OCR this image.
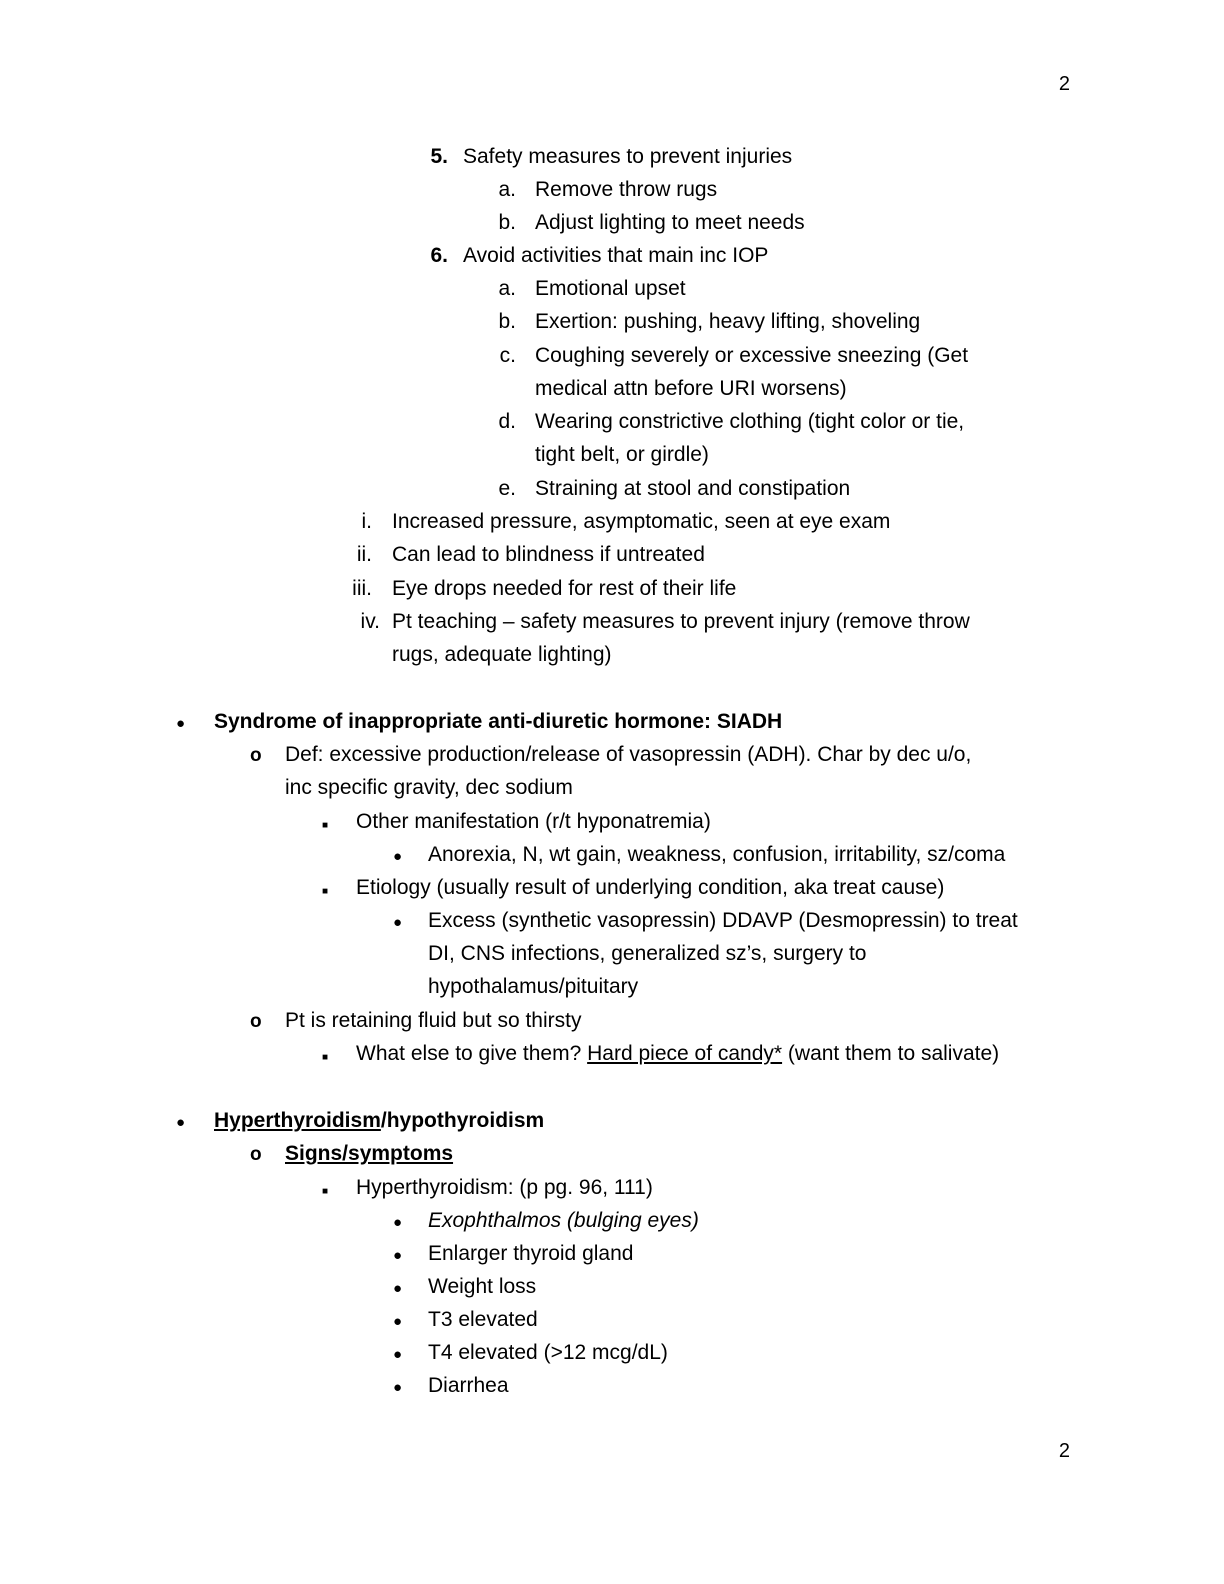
2
5. Safety measures to prevent injuries
a. Remove throw rugs
b. Adjust lighting to meet needs
6. Avoid activities that main inc IOP
a. Emotional upset
b. Exertion: pushing, heavy lifting, shoveling
c. Coughing severely or excessive sneezing (Get
medical attn before URI worsens)
d. Wearing constrictive clothing (tight color or tie,
tight belt, or girdle)
e. Straining at stool and constipation
i. Increased pressure, asymptomatic, seen at eye exam
ii. Can lead to blindness if untreated
iii. Eye drops needed for rest of their life
iv. Pt teaching – safety measures to prevent injury (remove throw
rugs, adequate lighting)
●
Syndrome of inappropriate anti-diuretic hormone: SIADH
o
Def: excessive production/release of vasopressin (ADH). Char by dec u/o,
inc specific gravity, dec sodium
■
Other manifestation (r/t hyponatremia)
●
Anorexia, N, wt gain, weakness, confusion, irritability, sz/coma
■
Etiology (usually result of underlying condition, aka treat cause)
●
Excess (synthetic vasopressin) DDAVP (Desmopressin) to treat
DI, CNS infections, generalized sz’s, surgery to
hypothalamus/pituitary
o
Pt is retaining fluid but so thirsty
■
What else to give them? Hard piece of candy* (want them to salivate)
●
Hyperthyroidism/hypothyroidism
o
Signs/symptoms
■
Hyperthyroidism: (p pg. 96, 111)
●
Exophthalmos (bulging eyes)
●
Enlarger thyroid gland
●
Weight loss
●
T3 elevated
●
T4 elevated (>12 mcg/dL)
●
Diarrhea
2
